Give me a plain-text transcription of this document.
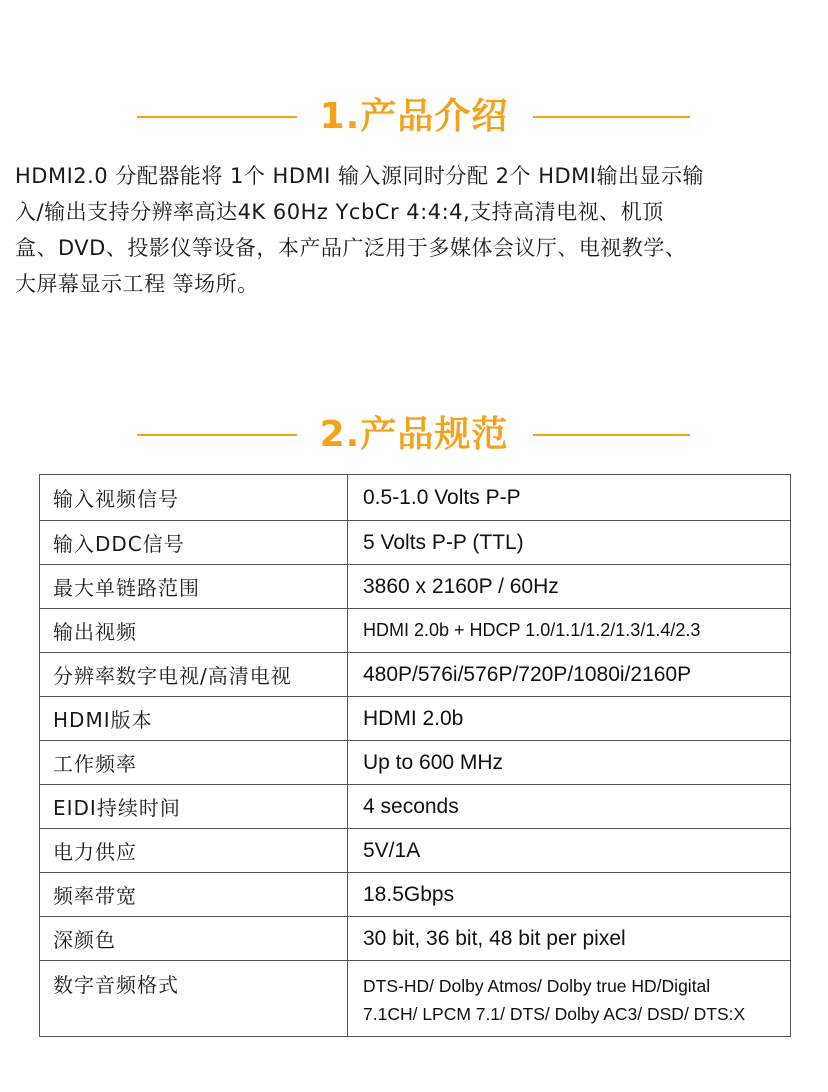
1.产品介绍
HDMI2.0 分配器能将 1个 HDMI 输入源同时分配 2个 HDMI输出显示输
入/输出支持分辨率高达4K 60Hz YcbCr 4:4:4,支持高清电视、机顶
盒、DVD、投影仪等设备，本产品广泛用于多媒体会议厅、电视教学、
大屏幕显示工程 等场所。
2.产品规范
输入视频信号	0.5-1.0 Volts P-P
输入DDC信号	5 Volts P-P (TTL)
最大单链路范围	3860 x 2160P / 60Hz
输出视频	HDMI 2.0b + HDCP 1.0/1.1/1.2/1.3/1.4/2.3
分辨率数字电视/高清电视	480P/576i/576P/720P/1080i/2160P
HDMI版本	HDMI 2.0b
工作频率	Up to 600 MHz
EIDI持续时间	4 seconds
电力供应	5V/1A
频率带宽	18.5Gbps
深颜色	30 bit, 36 bit, 48 bit per pixel
数字音频格式	DTS-HD/ Dolby Atmos/ Dolby true HD/Digital
7.1CH/ LPCM 7.1/ DTS/ Dolby AC3/ DSD/ DTS:X
